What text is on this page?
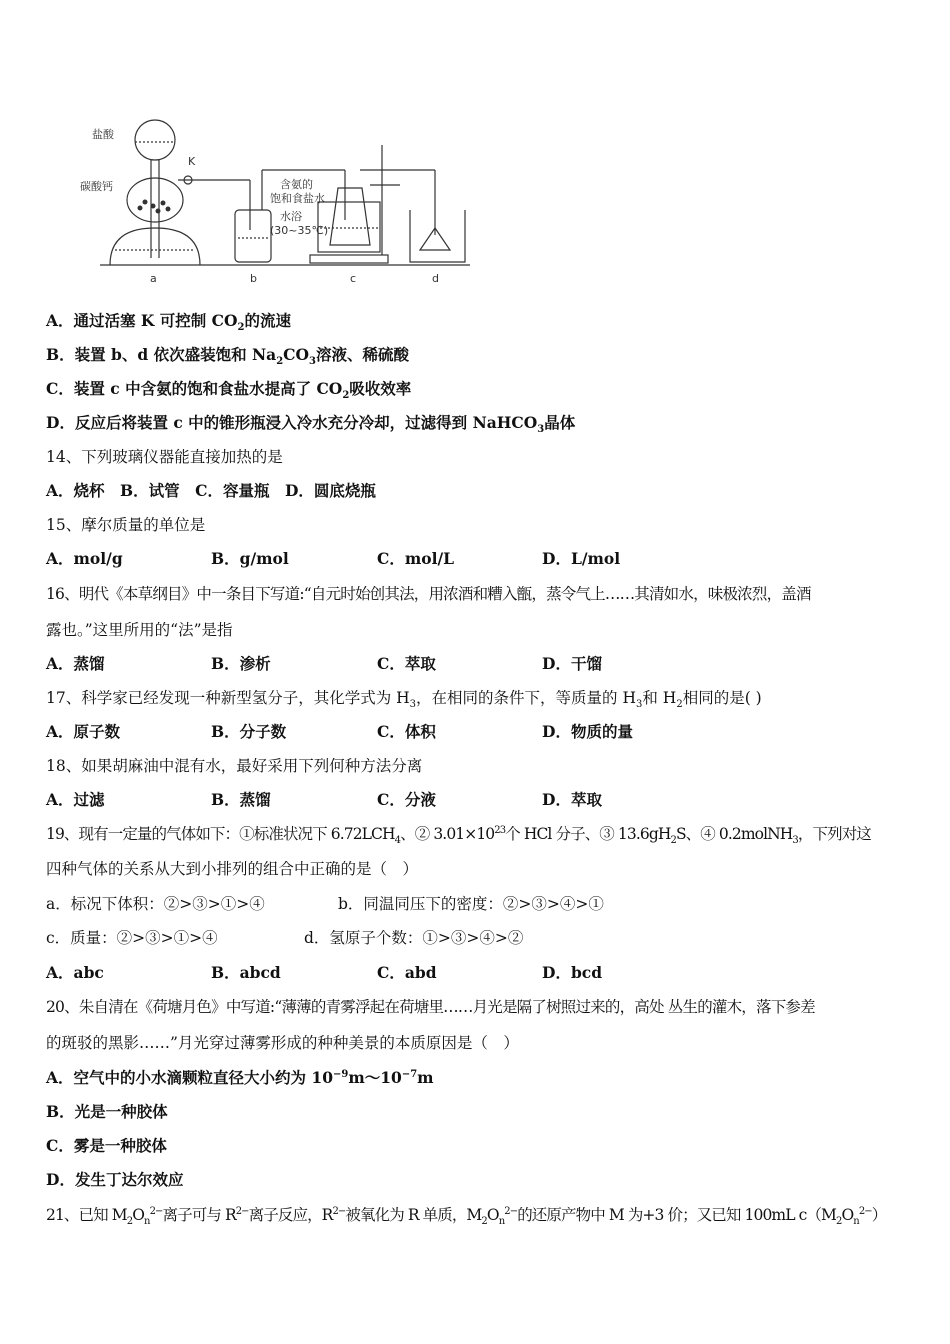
盐酸
碳酸钙
K
含氨的
饱和食盐水
水浴
(30~35℃)
a	b	c	d
A．通过活塞 K 可控制 $CO_2$的流速
B．装置 b、d 依次盛装饱和 $Na_2CO_3$溶液、稀硫酸
C．装置 c 中含氨的饱和食盐水提高了 $CO_2$吸收效率
D．反应后将装置 c 中的锥形瓶浸入冷水充分冷却，过滤得到 NaHCO$_3$晶体
14、下列玻璃仪器能直接加热的是
A．烧杯　B．试管　C．容量瓶　D．圆底烧瓶
15、摩尔质量的单位是
A．mol/g	B．g/mol	C．mol/L	D．L/mol
16、明代《本草纲目》中一条目下写道:“自元时始创其法，用浓酒和糟入甑，蒸令气上……其清如水，味极浓烈，盖酒
露也。”这里所用的“法”是指
A．蒸馏	B．渗析	C．萃取	D．干馏
17、科学家已经发现一种新型氢分子，其化学式为 $H_3$，在相同的条件下，等质量的 $H_3$和 $H_2$相同的是( )
A．原子数	B．分子数	C．体积	D．物质的量
18、如果胡麻油中混有水，最好采用下列何种方法分离
A．过滤	B．蒸馏	C．分液	D．萃取
19、现有一定量的气体如下：①标准状况下 $6.72LCH_4$、② $3.01\times 10^{23}$个 HCl 分子、③ $13.6gH_2S$、④ 0.2molNH$_3$，下列对这
四种气体的关系从大到小排列的组合中正确的是（　）
a．标况下体积：②>③>①>④	b．同温同压下的密度：②>③>④>①
c．质量：②>③>①>④	d．氢原子个数：①>③>④>②
A．abc	B．abcd	C．abd	D．bcd
20、朱自清在《荷塘月色》中写道:“薄薄的青雾浮起在荷塘里……月光是隔了树照过来的，高处 丛生的灌木，落下参差
的斑驳的黑影……”月光穿过薄雾形成的种种美景的本质原因是（　）
A．空气中的小水滴颗粒直径大小约为 $10^{-9}m\sim 10^{-7}m$
B．光是一种胶体
C．雾是一种胶体
D．发生丁达尔效应
21、已知 $M_2O_n^{2-}$离子可与 $R^{2-}$离子反应，$R^{2-}$被氧化为 R 单质，$M_2O_n^{2-}$的还原产物中 M 为+3 价；又已知 100mL $c(M_2O_n^{2-})$
